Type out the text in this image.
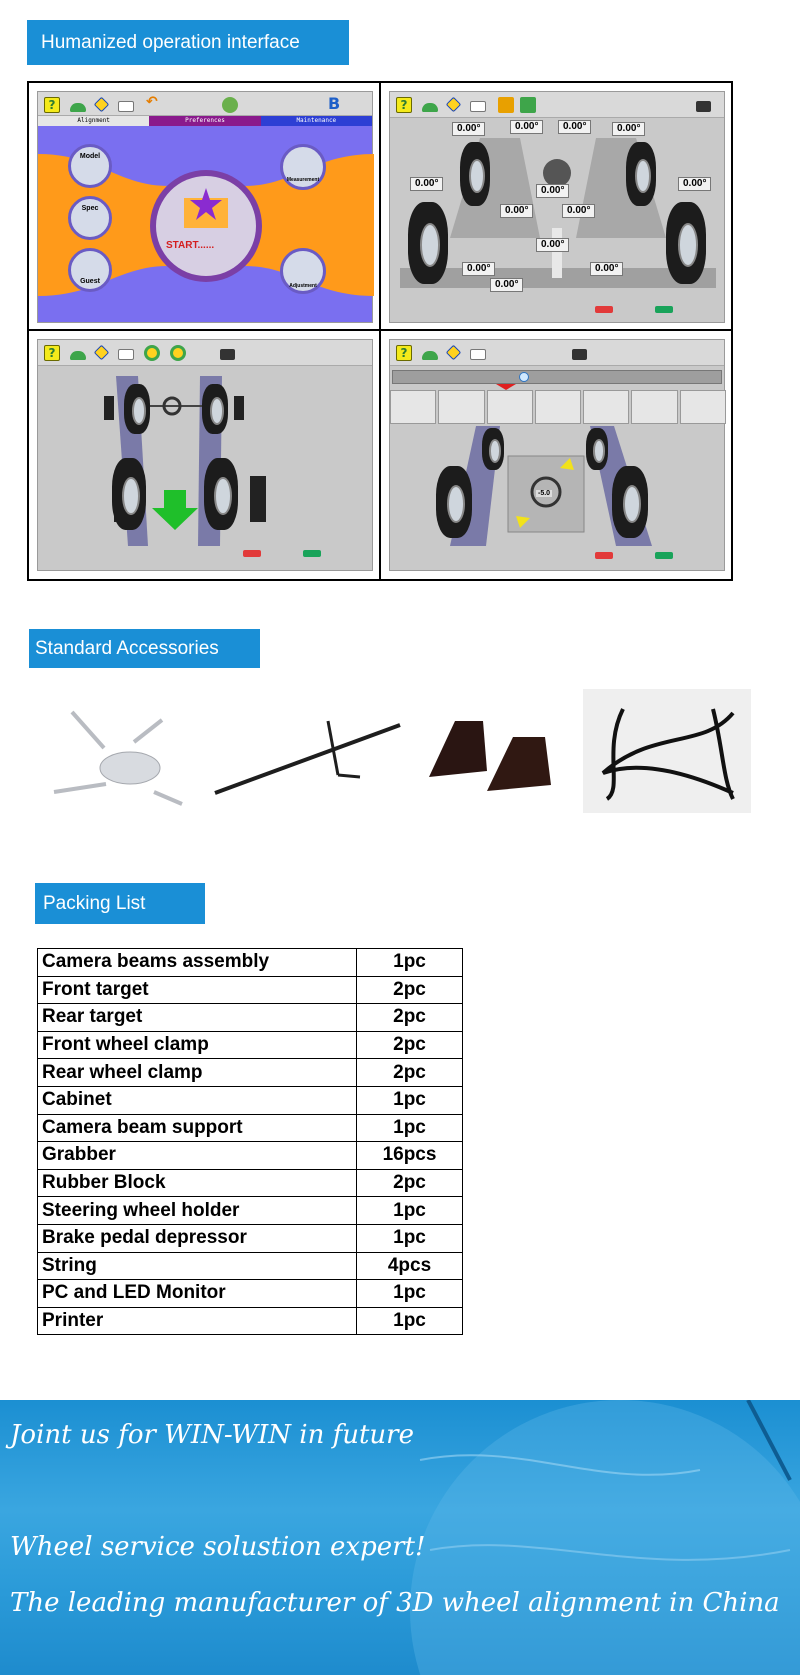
Humanized operation interface
?	↶	B
Alignment	Preferences	Maintenance
START......
Model
Spec
Guest
Measurement
Adjustment
?
0.00°	0.00°	0.00°	0.00°
0.00°
0.00°
0.00°
0.00°	0.00°
0.00°
0.00°	0.00°
0.00°
?	?
-5.0
Standard Accessories
Packing List
Camera beams assembly	1pc
Front target	2pc
Rear target	2pc
Front wheel clamp	2pc
Rear wheel clamp	2pc
Cabinet	1pc
Camera beam support	1pc
Grabber	16pcs
Rubber Block	2pc
Steering wheel holder	1pc
Brake pedal depressor	1pc
String	4pcs
PC and LED Monitor	1pc
Printer	1pc
Joint us for WIN-WIN in future
Wheel service solustion expert!
The leading manufacturer of 3D wheel alignment in China
